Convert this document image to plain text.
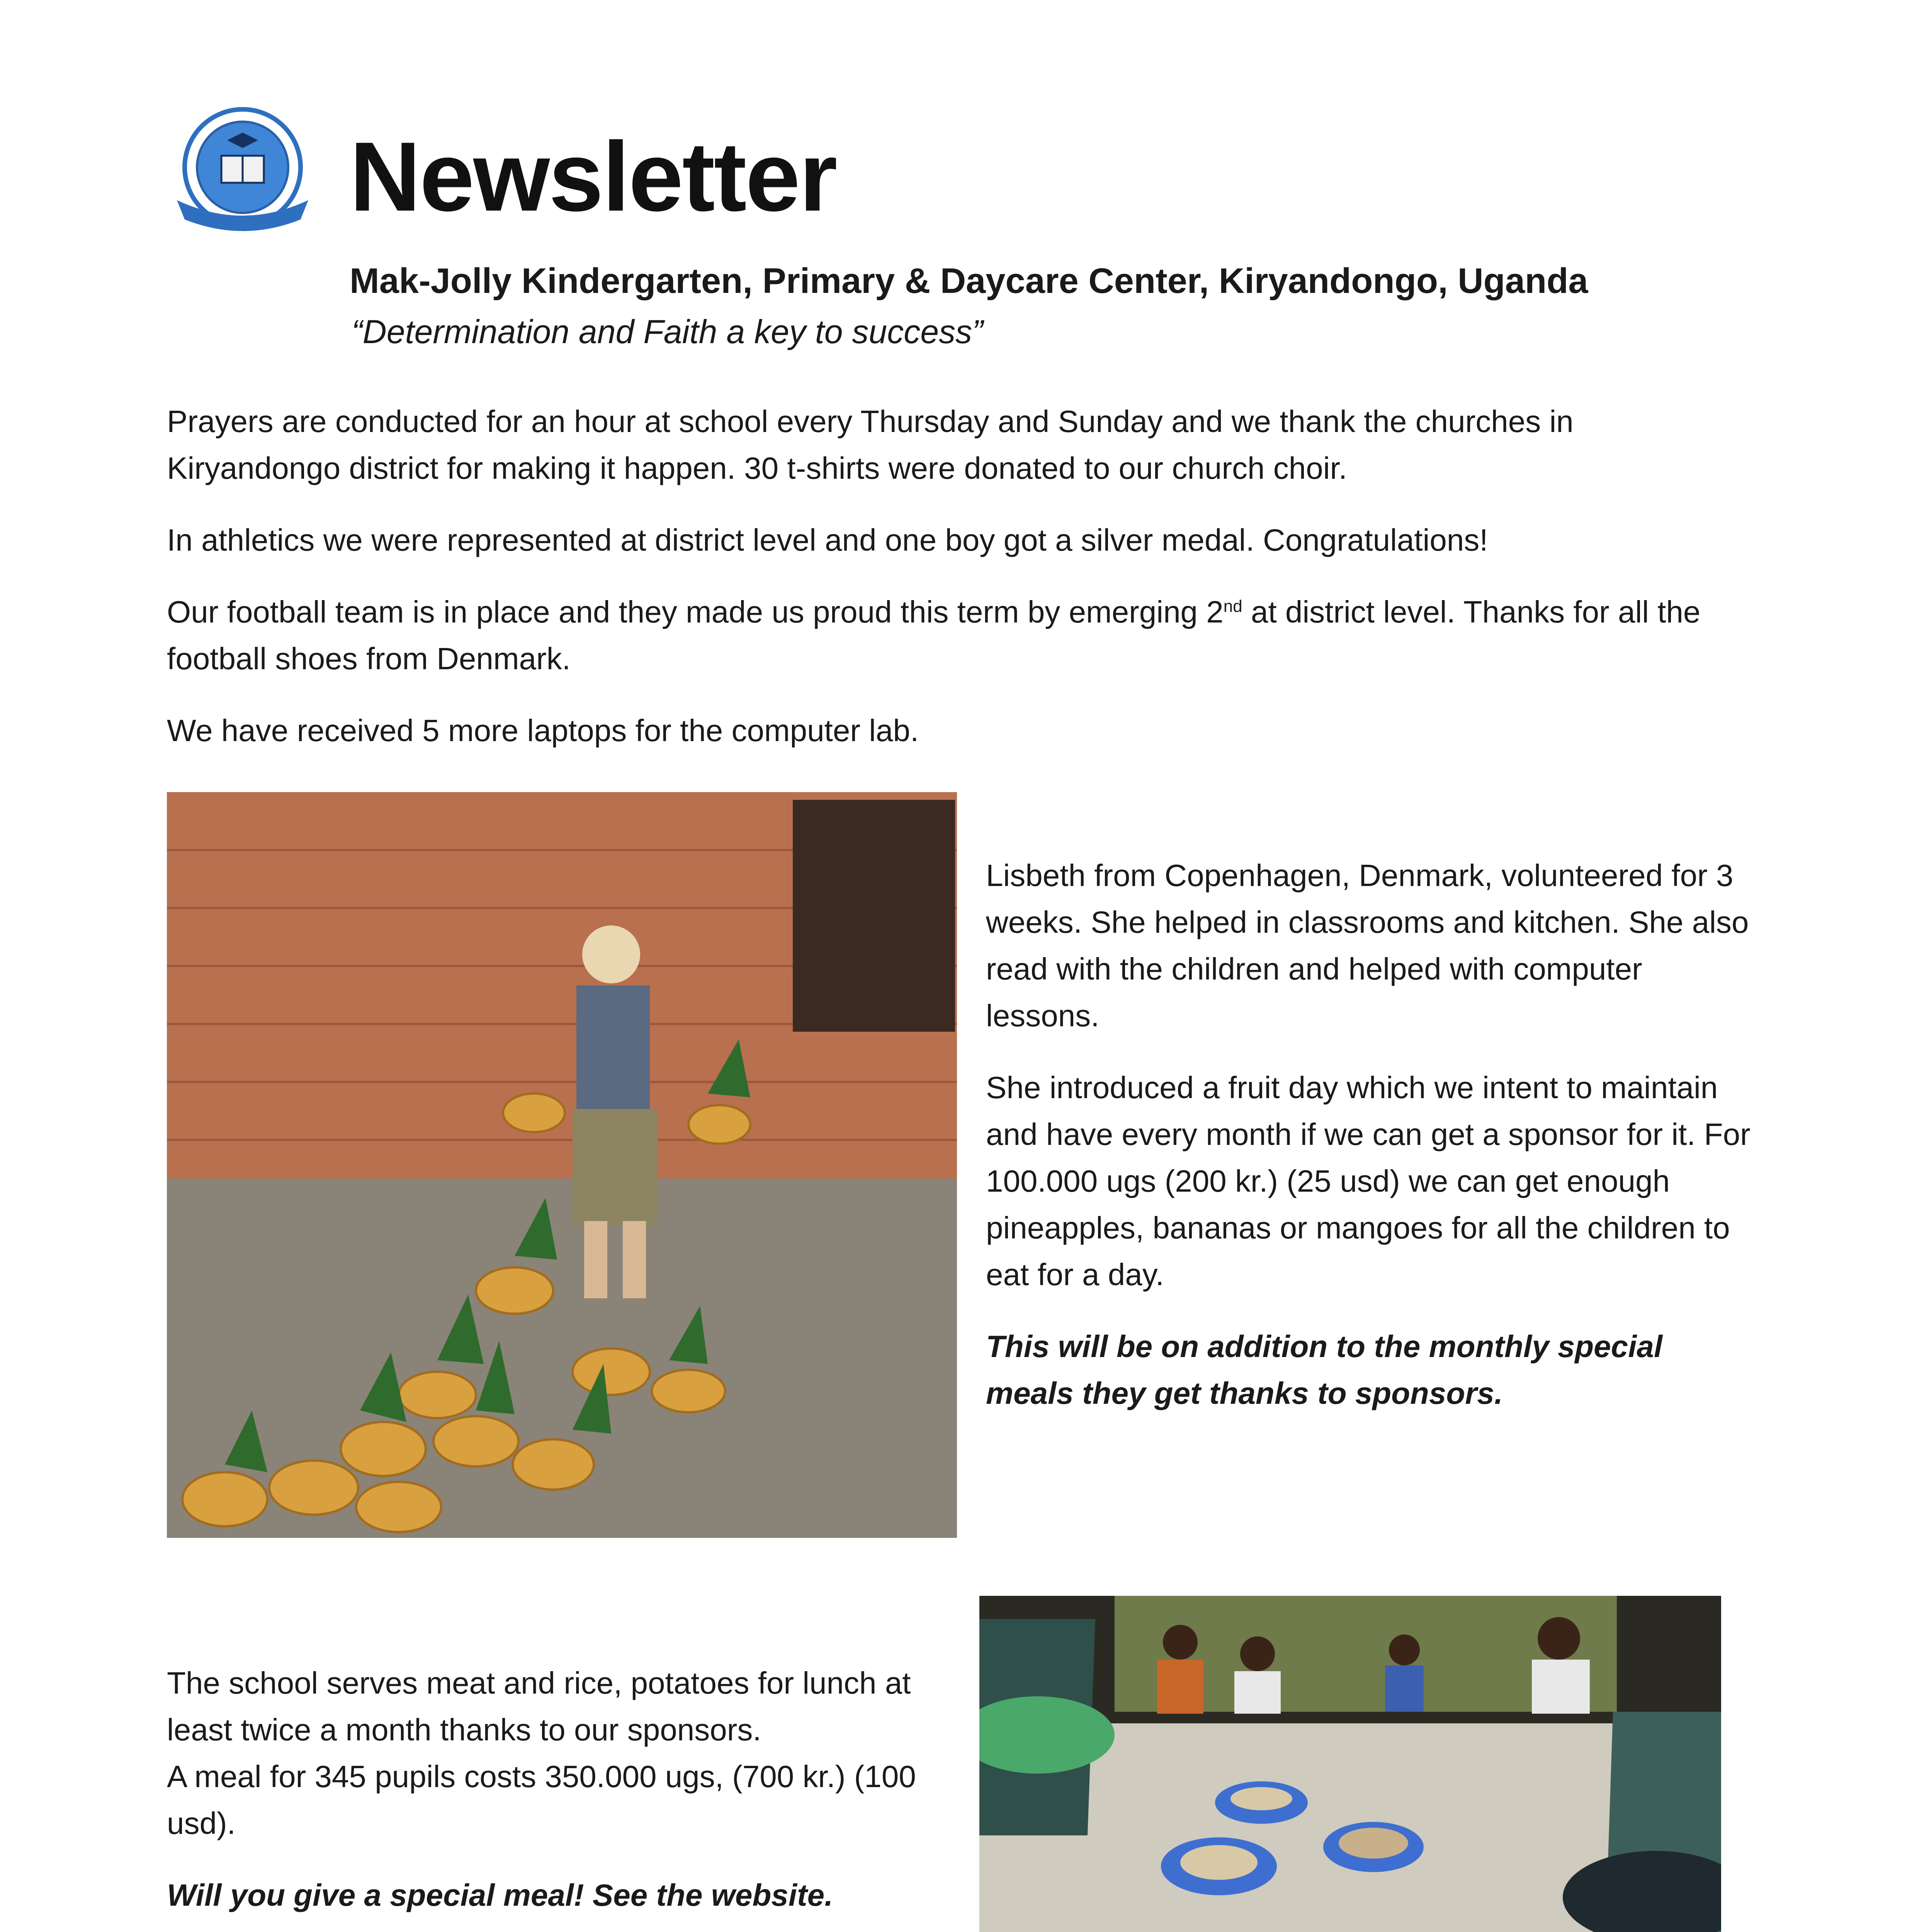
Newsletter
Mak-Jolly Kindergarten, Primary & Daycare Center, Kiryandongo, Uganda
“Determination and Faith a key to success”

Prayers are conducted for an hour at school every Thursday and Sunday and we thank the churches in Kiryandongo district for making it happen. 30 t-shirts were donated to our church choir.

In athletics we were represented at district level and one boy got a silver medal. Congratulations!

Our football team is in place and they made us proud this term by emerging 2nd at district level. Thanks for all the football shoes from Denmark.

We have received 5 more laptops for the computer lab.

Lisbeth from Copenhagen, Denmark, volunteered for 3 weeks. She helped in classrooms and kitchen. She also read with the children and helped with computer lessons.

She introduced a fruit day which we intent to maintain and have every month if we can get a sponsor for it. For 100.000 ugs (200 kr.) (25 usd) we can get enough pineapples, bananas or mangoes for all the children to eat for a day.

This will be on addition to the monthly special meals they get thanks to sponsors.

The school serves meat and rice, potatoes for lunch at least twice a month thanks to our sponsors.
A meal for 345 pupils costs 350.000 ugs, (700 kr.) (100 usd).

Will you give a special meal! See the website.
